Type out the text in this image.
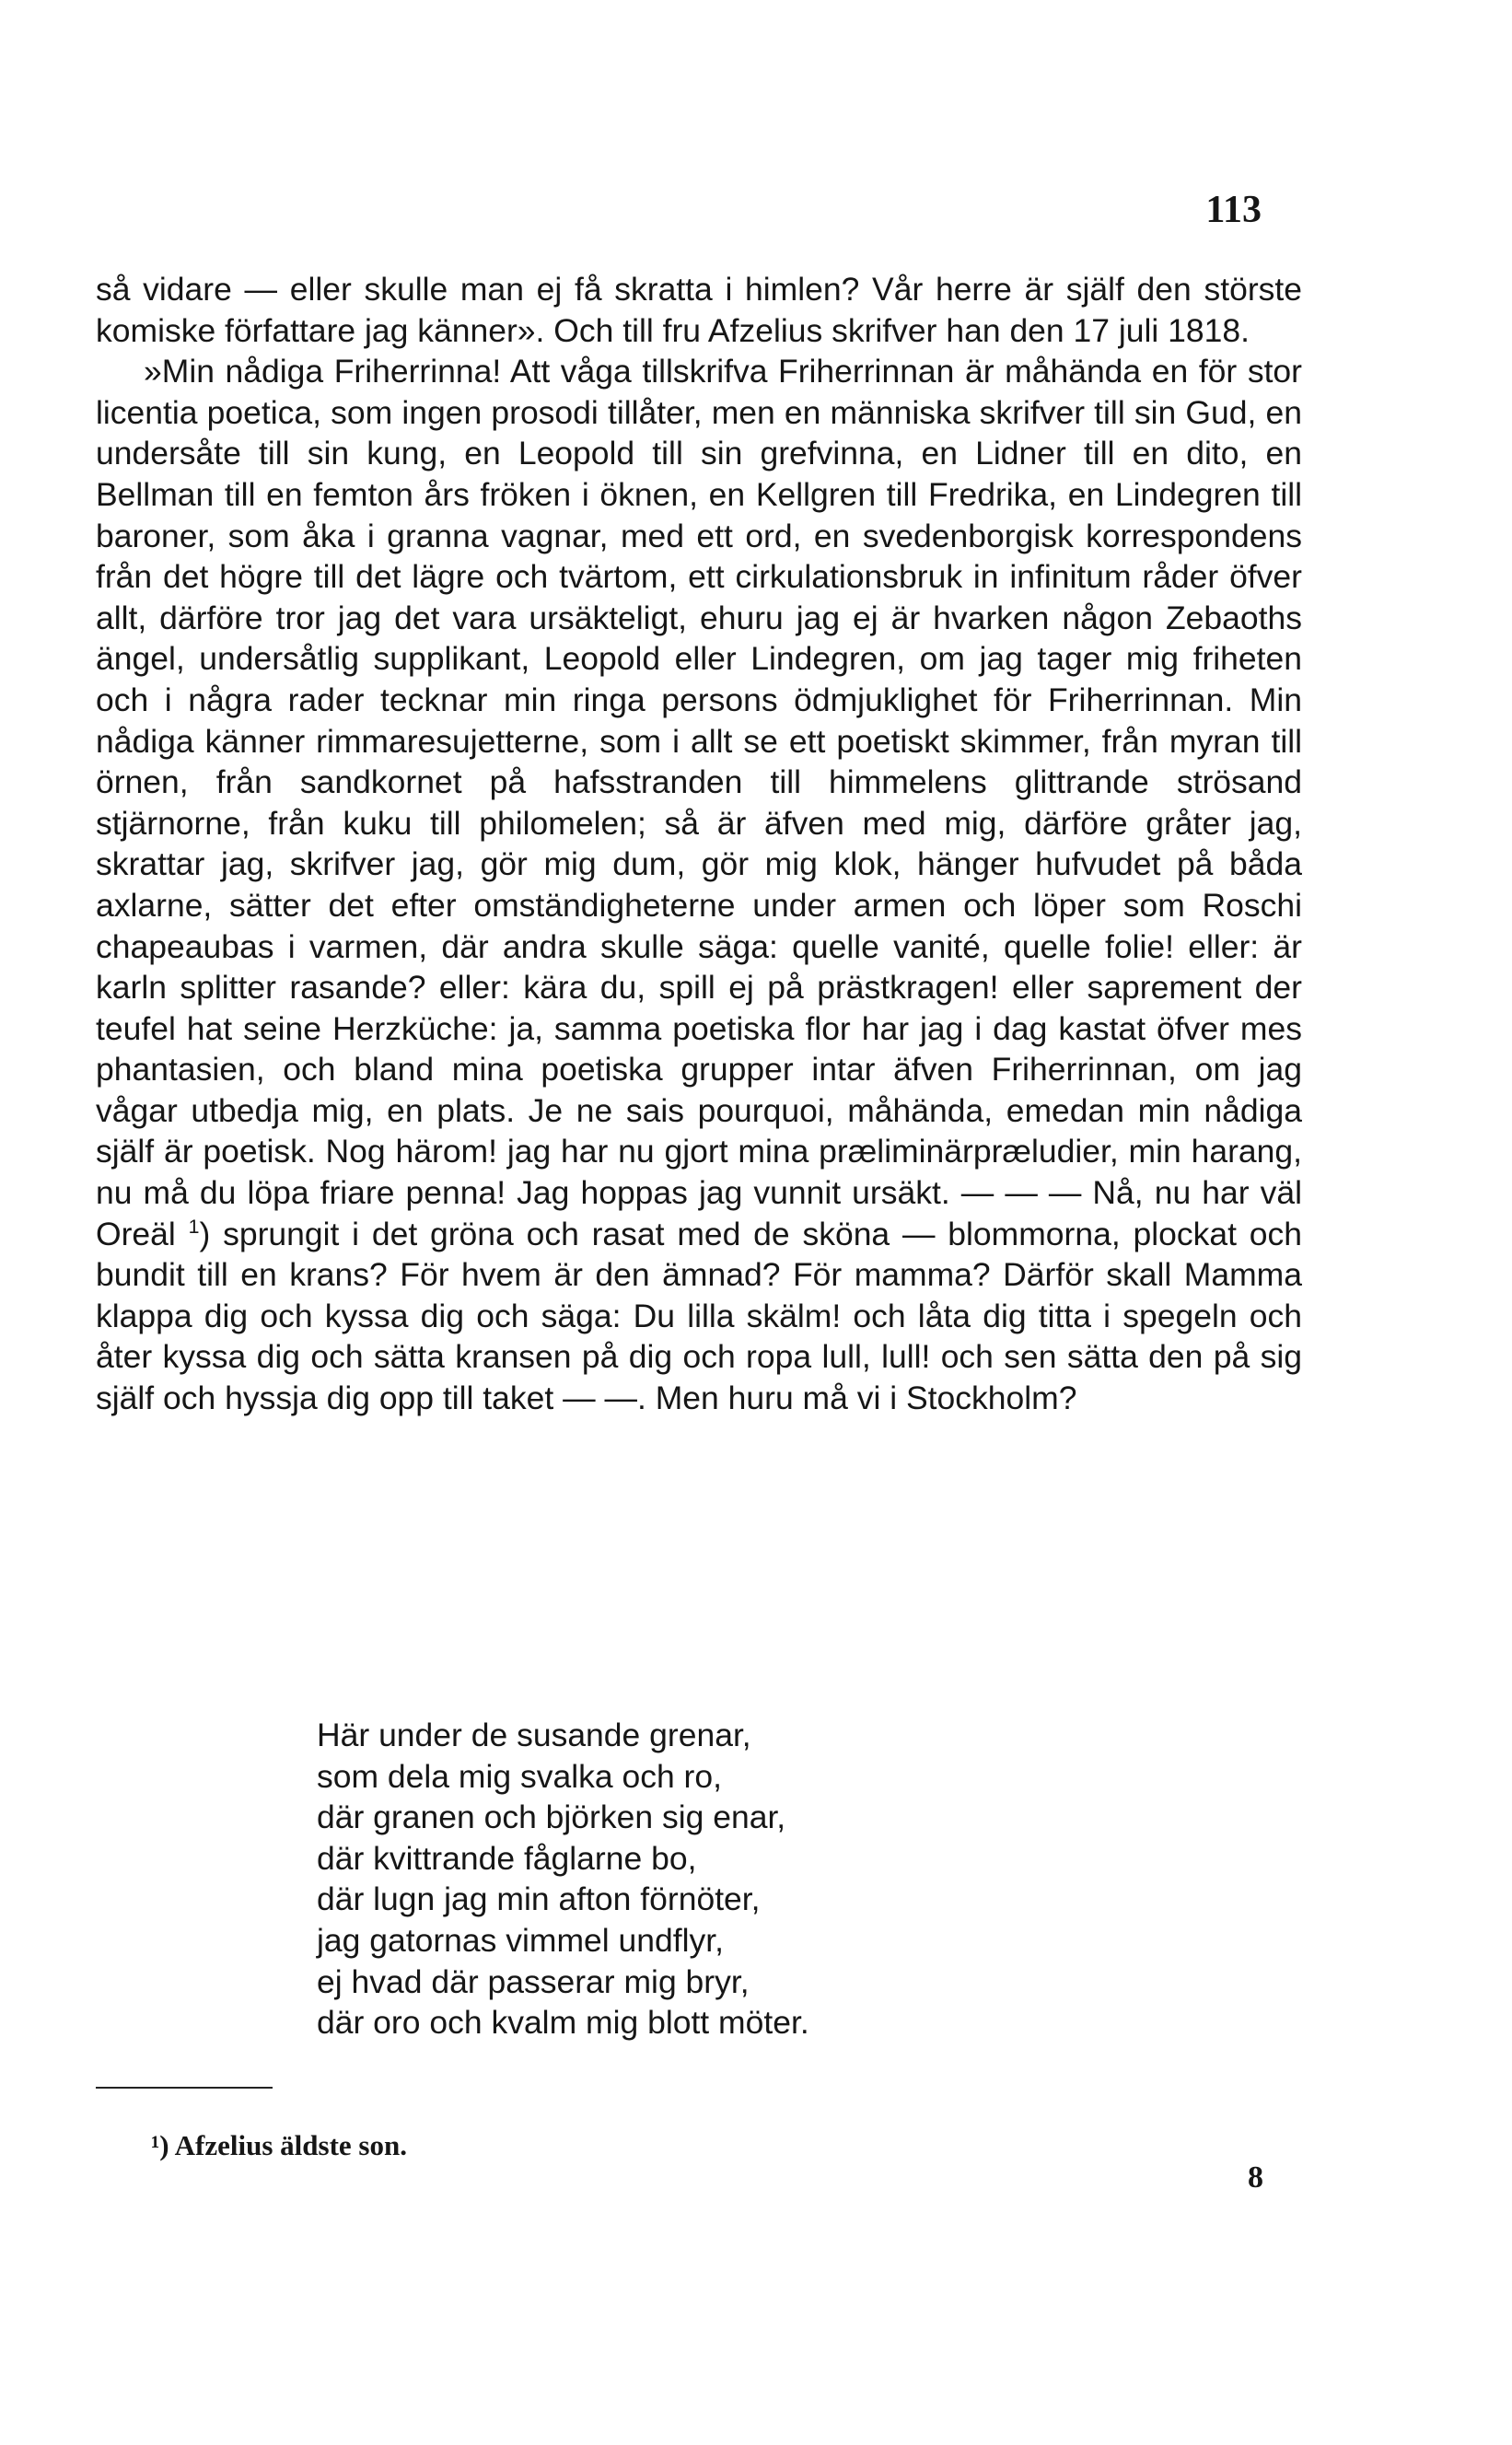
113

så vidare — eller skulle man ej få skratta i himlen? Vår herre är själf den störste komiske författare jag känner». Och till fru Afzelius skrifver han den 17 juli 1818.

»Min nådiga Friherrinna! Att våga tillskrifva Friherrinnan är måhända en för stor licentia poetica, som ingen prosodi tillåter, men en människa skrifver till sin Gud, en undersåte till sin kung, en Leopold till sin grefvinna, en Lidner till en dito, en Bellman till en femton års fröken i öknen, en Kellgren till Fredrika, en Lindegren till baroner, som åka i granna vagnar, med ett ord, en svedenborgisk korrespondens från det högre till det lägre och tvärtom, ett cirkulationsbruk in infinitum råder öfver allt, därföre tror jag det vara ursäkteligt, ehuru jag ej är hvarken någon Zebaoths ängel, undersåtlig supplikant, Leopold eller Lindegren, om jag tager mig friheten och i några rader tecknar min ringa persons ödmjuklighet för Friherrinnan. Min nådiga känner rimmaresujetterne, som i allt se ett poetiskt skimmer, från myran till örnen, från sandkornet på hafsstranden till himmelens glittrande strösand stjärnorne, från kuku till philomelen; så är äfven med mig, därföre gråter jag, skrattar jag, skrifver jag, gör mig dum, gör mig klok, hänger hufvudet på båda axlarne, sätter det efter omständigheterne under armen och löper som Roschi chapeaubas i varmen, där andra skulle säga: quelle vanité, quelle folie! eller: är karln splitter rasande? eller: kära du, spill ej på prästkragen! eller saprement der teufel hat seine Herzküche: ja, samma poetiska flor har jag i dag kastat öfver mes phantasien, och bland mina poetiska grupper intar äfven Friherrinnan, om jag vågar utbedja mig, en plats. Je ne sais pourquoi, måhända, emedan min nådiga själf är poetisk. Nog härom! jag har nu gjort mina præliminärpræludier, min harang, nu må du löpa friare penna! Jag hoppas jag vunnit ursäkt. — — — Nå, nu har väl Oreäl $^1$) sprungit i det gröna och rasat med de sköna — blommorna, plockat och bundit till en krans? För hvem är den ämnad? För mamma? Därför skall Mamma klappa dig och kyssa dig och säga: Du lilla skälm! och låta dig titta i spegeln och åter kyssa dig och sätta kransen på dig och ropa lull, lull! och sen sätta den på sig själf och hyssja dig opp till taket — —. Men huru må vi i Stockholm?

Här under de susande grenar,
som dela mig svalka och ro,
där granen och björken sig enar,
där kvittrande fåglarne bo,
där lugn jag min afton förnöter,
jag gatornas vimmel undflyr,
ej hvad där passerar mig bryr,
där oro och kvalm mig blott möter.
¹) Afzelius äldste son.
8
